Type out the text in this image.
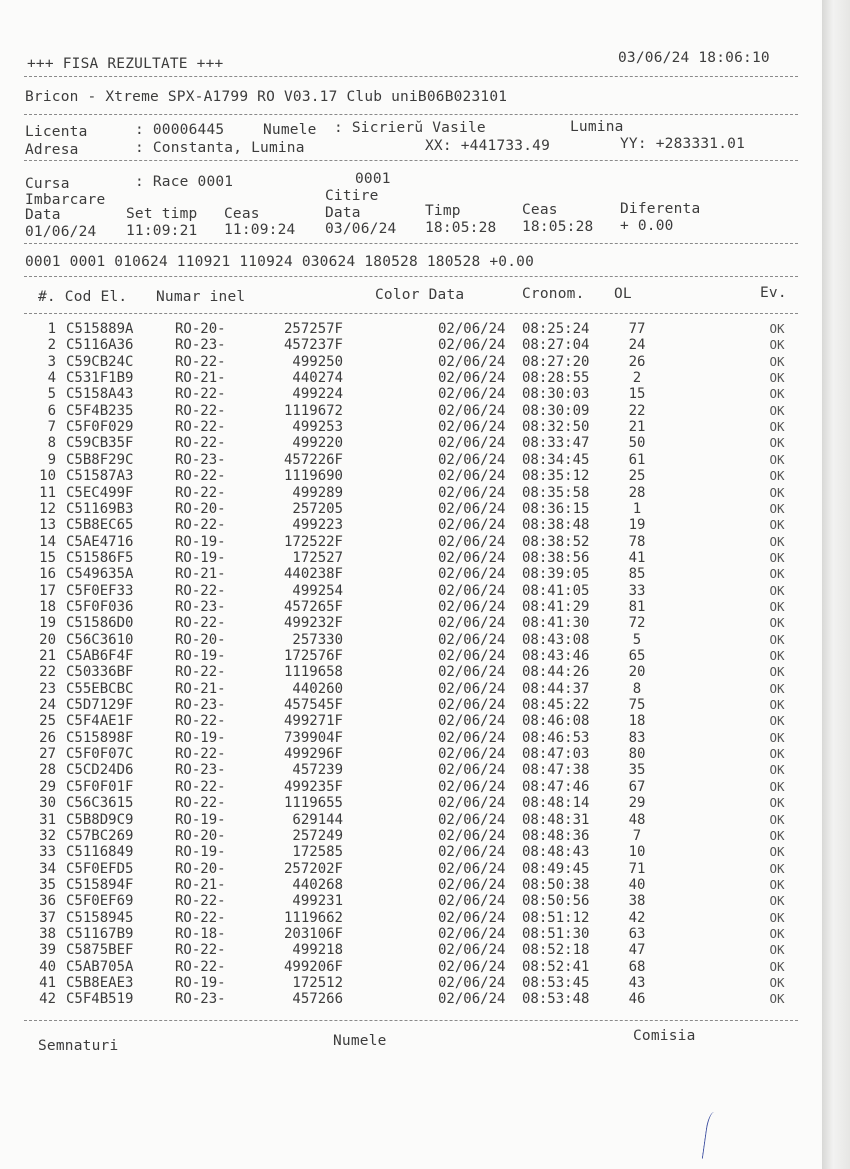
+++ FISA REZULTATE +++	03/06/24 18:06:10
Bricon - Xtreme SPX-A1799 RO V03.17 Club uniB06B023101
Licenta	: 00006445	Numele : Sicrierŭ Vasile	Lumina
Adresa	: Constanta, Lumina	XX: +441733.49	YY: +283331.01
Cursa	: Race 0001	0001
Imbarcare	Citire
Data	Set timp Ceas	Data	Timp	Ceas	Diferenta
01/06/24 11:09:21 11:09:24 03/06/24 18:05:28 18:05:28 + 0.00
0001 0001 010624 110921 110924 030624 180528 180528 +0.00
#. Cod El. Numar inel	Color Data	Cronom. OL	Ev.
1 C515889A	RO-20-	257257F	02/06/24 08:25:24	77	OK
2 C5116A36	RO-23-	457237F	02/06/24 08:27:04	24	OK
3 C59CB24C	RO-22-	499250	02/06/24 08:27:20	26	OK
4 C531F1B9	RO-21-	440274	02/06/24 08:28:55	2	OK
5 C5158A43	RO-22-	499224	02/06/24 08:30:03	15	OK
6 C5F4B235	RO-22-	1119672	02/06/24 08:30:09	22	OK
7 C5F0F029	RO-22-	499253	02/06/24 08:32:50	21	OK
8 C59CB35F	RO-22-	499220	02/06/24 08:33:47	50	OK
9 C5B8F29C	RO-23-	457226F	02/06/24 08:34:45	61	OK
10 C51587A3	RO-22-	1119690	02/06/24 08:35:12	25	OK
11 C5EC499F	RO-22-	499289	02/06/24 08:35:58	28	OK
12 C51169B3	RO-20-	257205	02/06/24 08:36:15	1	OK
13 C5B8EC65	RO-22-	499223	02/06/24 08:38:48	19	OK
14 C5AE4716	RO-19-	172522F	02/06/24 08:38:52	78	OK
15 C51586F5	RO-19-	172527	02/06/24 08:38:56	41	OK
16 C549635A	RO-21-	440238F	02/06/24 08:39:05	85	OK
17 C5F0EF33	RO-22-	499254	02/06/24 08:41:05	33	OK
18 C5F0F036	RO-23-	457265F	02/06/24 08:41:29	81	OK
19 C51586D0	RO-22-	499232F	02/06/24 08:41:30	72	OK
20 C56C3610	RO-20-	257330	02/06/24 08:43:08	5	OK
21 C5AB6F4F	RO-19-	172576F	02/06/24 08:43:46	65	OK
22 C50336BF	RO-22-	1119658	02/06/24 08:44:26	20	OK
23 C55EBCBC	RO-21-	440260	02/06/24 08:44:37	8	OK
24 C5D7129F	RO-23-	457545F	02/06/24 08:45:22	75	OK
25 C5F4AE1F	RO-22-	499271F	02/06/24 08:46:08	18	OK
26 C515898F	RO-19-	739904F	02/06/24 08:46:53	83	OK
27 C5F0F07C	RO-22-	499296F	02/06/24 08:47:03	80	OK
28 C5CD24D6	RO-23-	457239	02/06/24 08:47:38	35	OK
29 C5F0F01F	RO-22-	499235F	02/06/24 08:47:46	67	OK
30 C56C3615	RO-22-	1119655	02/06/24 08:48:14	29	OK
31 C5B8D9C9	RO-19-	629144	02/06/24 08:48:31	48	OK
32 C57BC269	RO-20-	257249	02/06/24 08:48:36	7	OK
33 C5116849	RO-19-	172585	02/06/24 08:48:43	10	OK
34 C5F0EFD5	RO-20-	257202F	02/06/24 08:49:45	71	OK
35 C515894F	RO-21-	440268	02/06/24 08:50:38	40	OK
36 C5F0EF69	RO-22-	499231	02/06/24 08:50:56	38	OK
37 C5158945	RO-22-	1119662	02/06/24 08:51:12	42	OK
38 C51167B9	RO-18-	203106F	02/06/24 08:51:30	63	OK
39 C5875BEF	RO-22-	499218	02/06/24 08:52:18	47	OK
40 C5AB705A	RO-22-	499206F	02/06/24 08:52:41	68	OK
41 C5B8EAE3	RO-19-	172512	02/06/24 08:53:45	43	OK
42 C5F4B519	RO-23-	457266	02/06/24 08:53:48	46	OK
Semnaturi	Numele	Comisia
